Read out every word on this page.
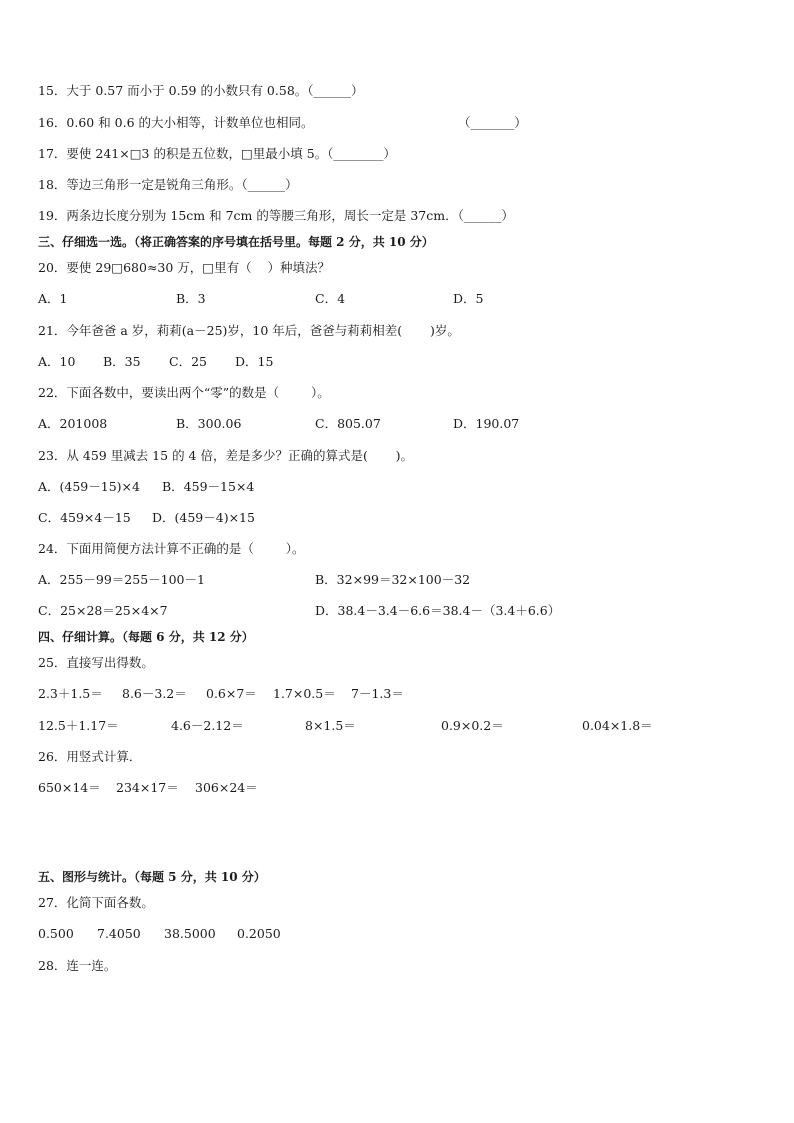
15．大于 0.57 而小于 0.59 的小数只有 0.58。（______）
16．0.60 和 0.6 的大小相等，计数单位也相同。	（_______）
17．要使 241×□3 的积是五位数，□里最小填 5。（________）
18．等边三角形一定是锐角三角形。（______）
19．两条边长度分别为 15cm 和 7cm 的等腰三角形，周长一定是 37cm．（______）
三、仔细选一选。（将正确答案的序号填在括号里。每题 2 分，共 10 分）
20．要使 29□680≈30 万，□里有（    ）种填法？
A．1	B．3	C．4	D．5
21．今年爸爸 a 岁，莉莉(a－25)岁，10 年后，爸爸与莉莉相差(       )岁。
A．10 B．35 C．25 D．15
22．下面各数中，要读出两个“零”的数是（        ）。
A．201008	B．300.06	C．805.07	D．190.07
23．从 459 里减去 15 的 4 倍，差是多少？正确的算式是(       )。
A．(459－15)×4 B．459－15×4
C．459×4－15 D．(459－4)×15
24．下面用简便方法计算不正确的是（        ）。
A．255－99＝255－100－1	B．32×99＝32×100－32
C．25×28＝25×4×7	D．38.4－3.4－6.6＝38.4－（3.4＋6.6）
四、仔细计算。（每题 6 分，共 12 分）
25．直接写出得数。
2.3＋1.5＝ 8.6－3.2＝ 0.6×7＝ 1.7×0.5＝ 7－1.3＝
12.5＋1.17＝	4.6－2.12＝	8×1.5＝	0.9×0.2＝	0.04×1.8＝
26．用竖式计算．
650×14＝ 234×17＝ 306×24＝
五、图形与统计。（每题 5 分，共 10 分）
27．化简下面各数。
0.500 7.4050 38.5000 0.2050
28．连一连。
